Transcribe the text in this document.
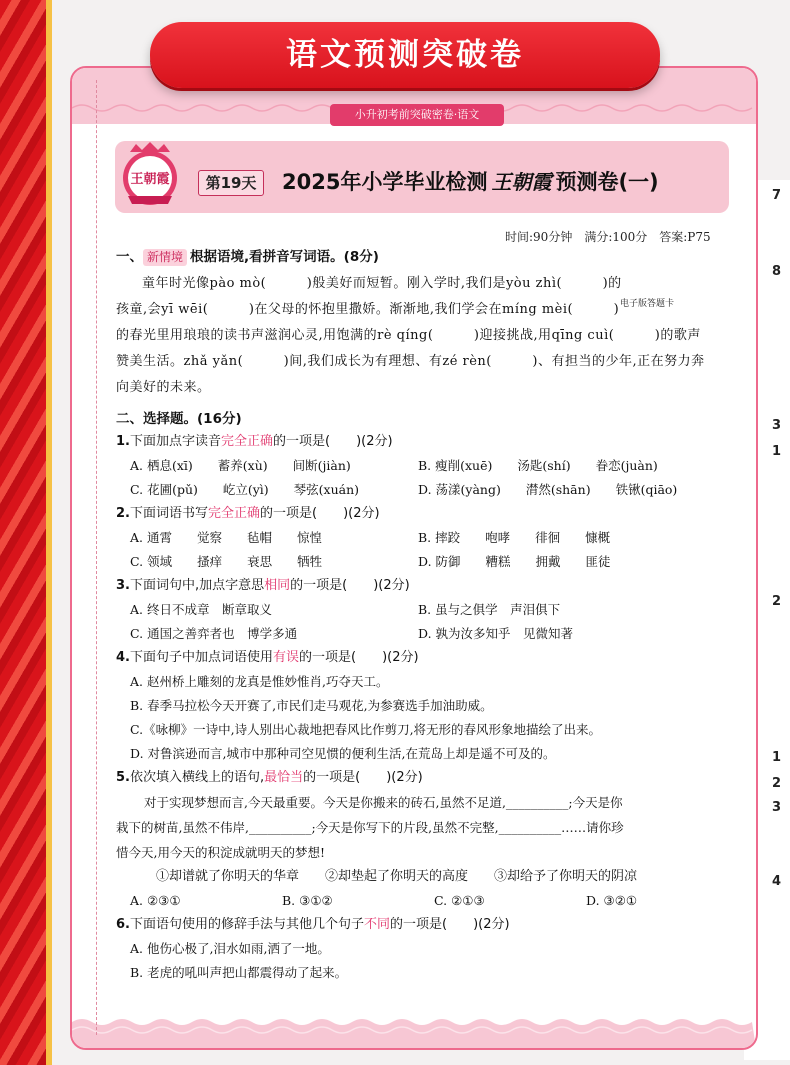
7
8
3
1
2
1
2
3
4
语文预测突破卷
小升初考前突破密卷·语文
王朝霞	第19天	2025年小学毕业检测 王朝霞 预测卷(一)
时间:90分钟　满分:100分　答案:P75
电子版答题卡

一、 新情境 根据语境,看拼音写词语。(8分)

童年时光像pào mò(　　　)般美好而短暂。刚入学时,我们是yòu zhì(　　　)的

孩童,会yī wēi(　　　)在父母的怀抱里撒娇。渐渐地,我们学会在míng mèi(　　　)

的春光里用琅琅的读书声滋润心灵,用饱满的rè qíng(　　　)迎接挑战,用qīng cuì(　　　)的歌声

赞美生活。zhǎ yǎn(　　　)间,我们成长为有理想、有zé rèn(　　　)、有担当的少年,正在努力奔

向美好的未来。

二、选择题。(16分)

1.下面加点字读音完全正确的一项是(　　)(2分)

A. 栖息(xī)　　蓄养(xù)　　间断(jiàn)	B. 瘦削(xuē)　　汤匙(shí)　　眷恋(juàn)
C. 花圃(pǔ)　　屹立(yì)　　琴弦(xuán)	D. 荡漾(yàng)　　潸然(shān)　　铁锹(qiāo)

2.下面词语书写完全正确的一项是(　　)(2分)

A. 通霄　　觉察　　毡帽　　惊惶	B. 摔跤　　咆哮　　徘徊　　慷概
C. 领域　　搔痒　　衰思　　牺牲	D. 防御　　糟糕　　拥戴　　匪徒

3.下面词句中,加点字意思相同的一项是(　　)(2分)

A. 终日不成章　断章取义	B. 虽与之俱学　声泪俱下
C. 通国之善弈者也　博学多通	D. 孰为汝多知乎　见微知著

4.下面句子中加点词语使用有误的一项是(　　)(2分)

A. 赵州桥上雕刻的龙真是惟妙惟肖,巧夺天工。

B. 春季马拉松今天开赛了,市民们走马观花,为参赛选手加油助威。

C.《咏柳》一诗中,诗人别出心裁地把春风比作剪刀,将无形的春风形象地描绘了出来。

D. 对鲁滨逊而言,城市中那种司空见惯的便利生活,在荒岛上却是遥不可及的。

5.依次填入横线上的语句,最恰当的一项是(　　)(2分)

对于实现梦想而言,今天最重要。今天是你搬来的砖石,虽然不足道,__________;今天是你

栽下的树苗,虽然不伟岸,__________;今天是你写下的片段,虽然不完整,__________……请你珍

惜今天,用今天的积淀成就明天的梦想!

①却谱就了你明天的华章　　②却垫起了你明天的高度　　③却给予了你明天的阴凉

A. ②③①	B. ③①②	C. ②①③	D. ③②①

6.下面语句使用的修辞手法与其他几个句子不同的一项是(　　)(2分)

A. 他伤心极了,泪水如雨,洒了一地。

B. 老虎的吼叫声把山都震得动了起来。
